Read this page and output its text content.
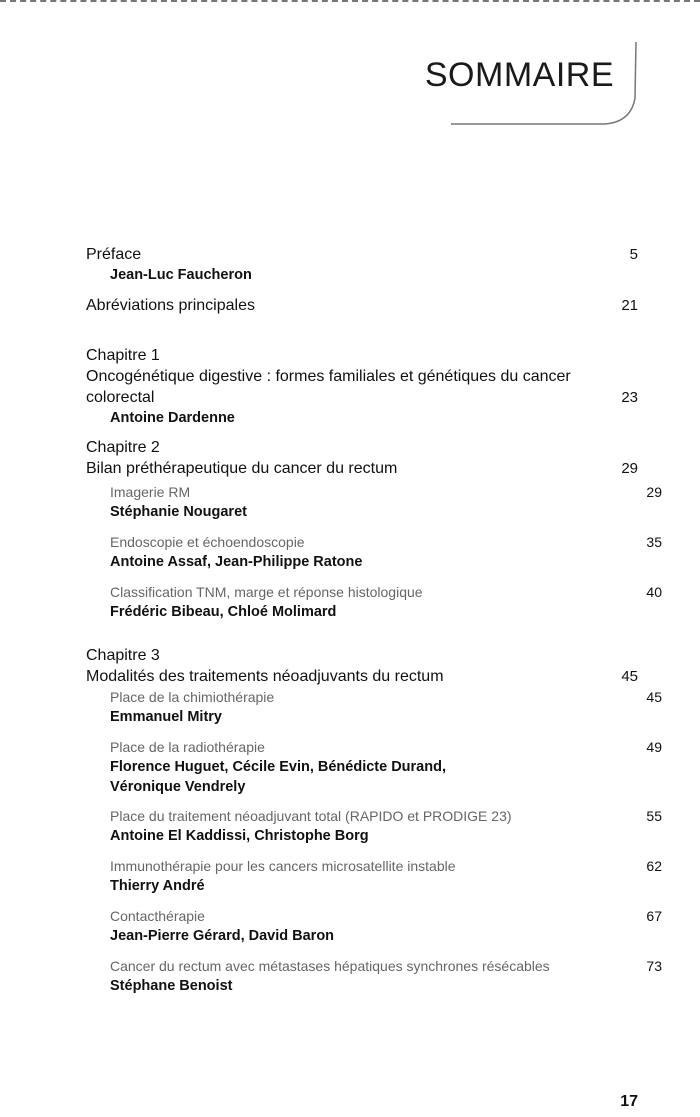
SOMMAIRE
Préface	5
Jean-Luc Faucheron
Abréviations principales	21
Chapitre 1
Oncogénétique digestive : formes familiales et génétiques du cancer
colorectal	23
Antoine Dardenne
Chapitre 2
Bilan préthérapeutique du cancer du rectum	29
Imagerie RM	29
Stéphanie Nougaret
Endoscopie et échoendoscopie	35
Antoine Assaf, Jean-Philippe Ratone
Classification TNM, marge et réponse histologique	40
Frédéric Bibeau, Chloé Molimard
Chapitre 3
Modalités des traitements néoadjuvants du rectum	45
Place de la chimiothérapie	45
Emmanuel Mitry
Place de la radiothérapie	49
Florence Huguet, Cécile Evin, Bénédicte Durand,
Véronique Vendrely
Place du traitement néoadjuvant total (RAPIDO et PRODIGE 23)	55
Antoine El Kaddissi, Christophe Borg
Immunothérapie pour les cancers microsatellite instable	62
Thierry André
Contacthérapie	67
Jean-Pierre Gérard, David Baron
Cancer du rectum avec métastases hépatiques synchrones résécables	73
Stéphane Benoist
17
